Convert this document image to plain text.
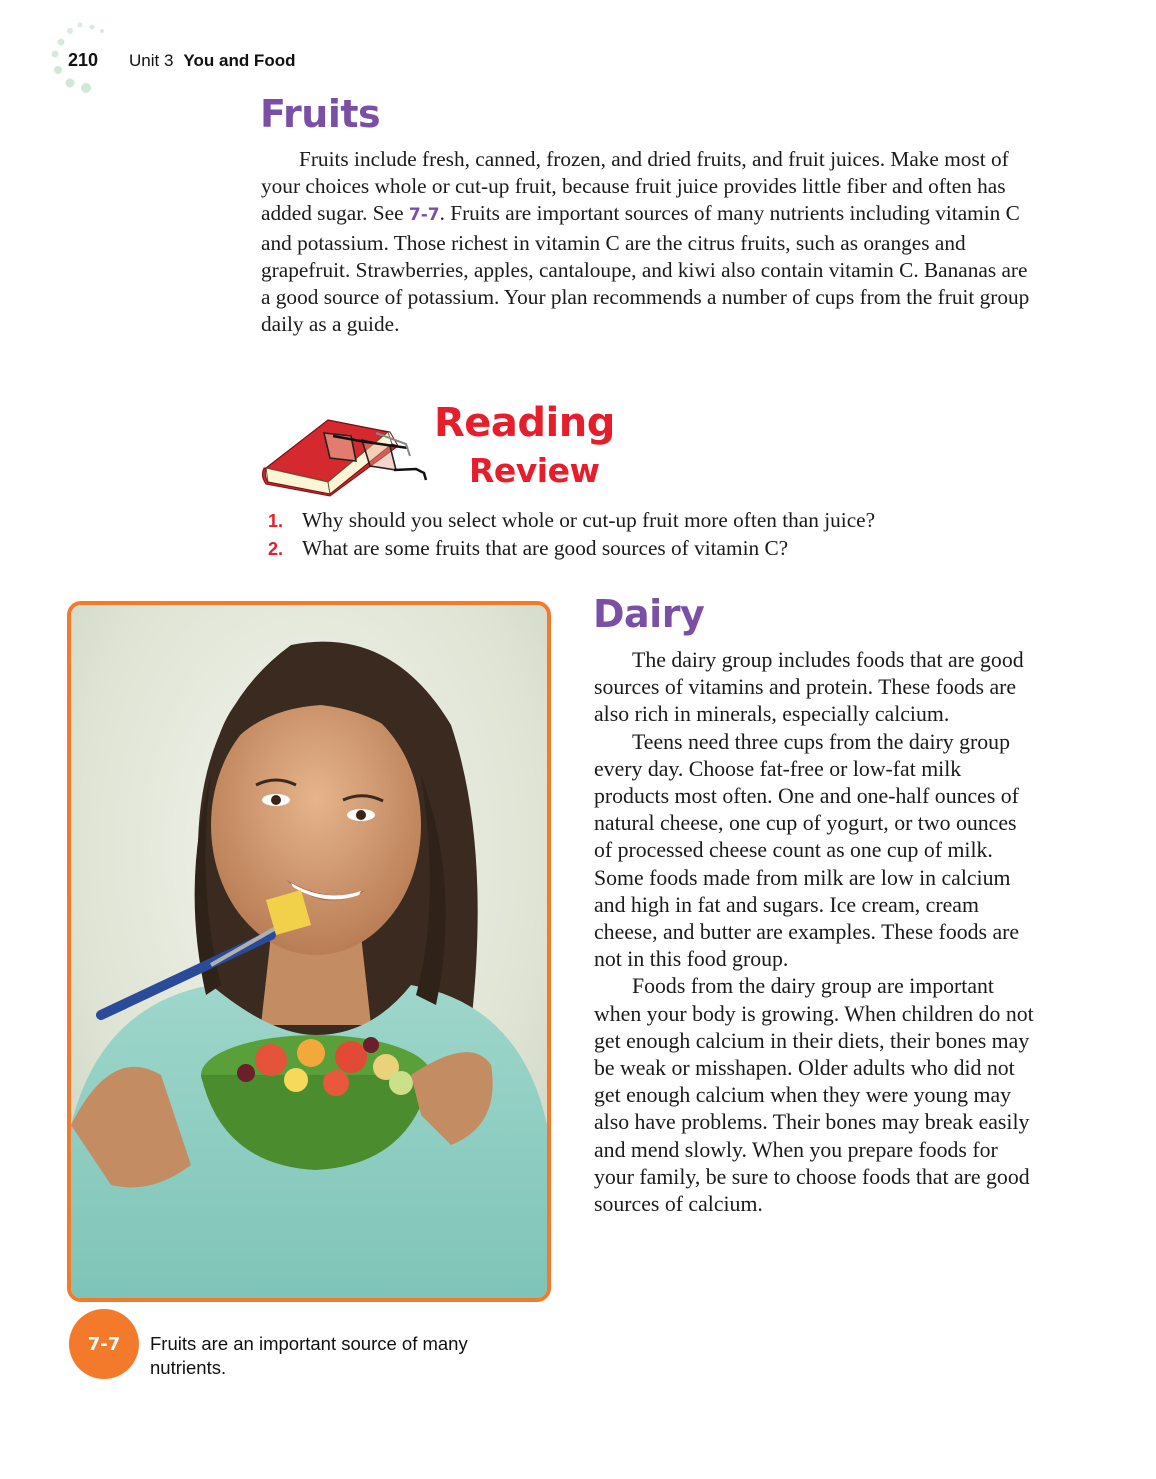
210 Unit 3 You and Food
Fruits

Fruits include fresh, canned, frozen, and dried fruits, and fruit juices. Make most of your choices whole or cut-up fruit, because fruit juice provides little fiber and often has added sugar. See 7-7. Fruits are important sources of many nutrients including vitamin C and potassium. Those richest in vitamin C are the citrus fruits, such as oranges and grapefruit. Strawberries, apples, cantaloupe, and kiwi also contain vitamin C. Bananas are a good source of potassium. Your plan recommends a number of cups from the fruit group daily as a guide.

Reading
Review
1. Why should you select whole or cut-up fruit more often than juice?
2. What are some fruits that are good sources of vitamin C?
7-7	Fruits are an important source of many nutrients.
Dairy

The dairy group includes foods that are good sources of vitamins and protein. These foods are also rich in minerals, especially calcium.

Teens need three cups from the dairy group every day. Choose fat-free or low-fat milk products most often. One and one-half ounces of natural cheese, one cup of yogurt, or two ounces of processed cheese count as one cup of milk. Some foods made from milk are low in calcium and high in fat and sugars. Ice cream, cream cheese, and butter are examples. These foods are not in this food group.

Foods from the dairy group are important when your body is growing. When children do not get enough calcium in their diets, their bones may be weak or misshapen. Older adults who did not get enough calcium when they were young may also have problems. Their bones may break easily and mend slowly. When you prepare foods for your family, be sure to choose foods that are good sources of calcium.
